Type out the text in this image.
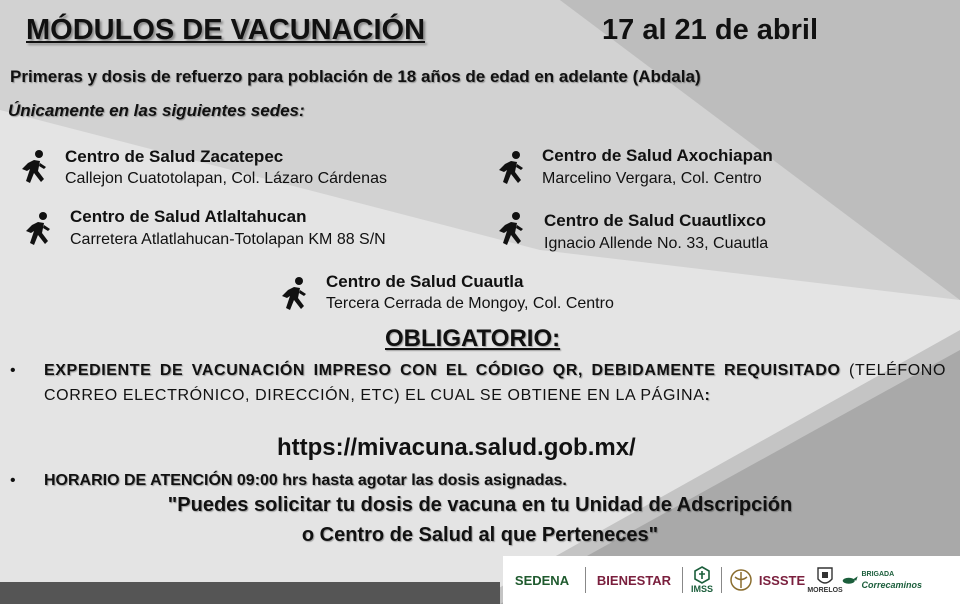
MÓDULOS DE VACUNACIÓN	17 al 21 de abril
Primeras y dosis de refuerzo para población de 18 años de edad en adelante (Abdala)
Únicamente en las siguientes sedes:
Centro de Salud Zacatepec
Callejon Cuatotolapan, Col. Lázaro Cárdenas
Centro de Salud Axochiapan
Marcelino Vergara, Col. Centro
Centro de Salud Atlaltahucan
Carretera Atlatlahucan-Totolapan KM 88 S/N
Centro de Salud Cuautlixco
Ignacio Allende No. 33, Cuautla
Centro de Salud Cuautla
Tercera Cerrada de Mongoy, Col. Centro
OBLIGATORIO:
• EXPEDIENTE DE VACUNACIÓN IMPRESO CON EL CÓDIGO QR, DEBIDAMENTE REQUISITADO (TELÉFONO CORREO ELECTRÓNICO, DIRECCIÓN, ETC) EL CUAL SE OBTIENE EN LA PÁGINA:
https://mivacuna.salud.gob.mx/
• HORARIO DE ATENCIÓN 09:00 hrs hasta agotar las dosis asignadas.
"Puedes solicitar tu dosis de vacuna en tu Unidad de Adscripción
o Centro de Salud al que Perteneces"
SEDENA	BIENESTAR
IMSS
ISSSTE
MORELOS
BRIGADA
Correcaminos
